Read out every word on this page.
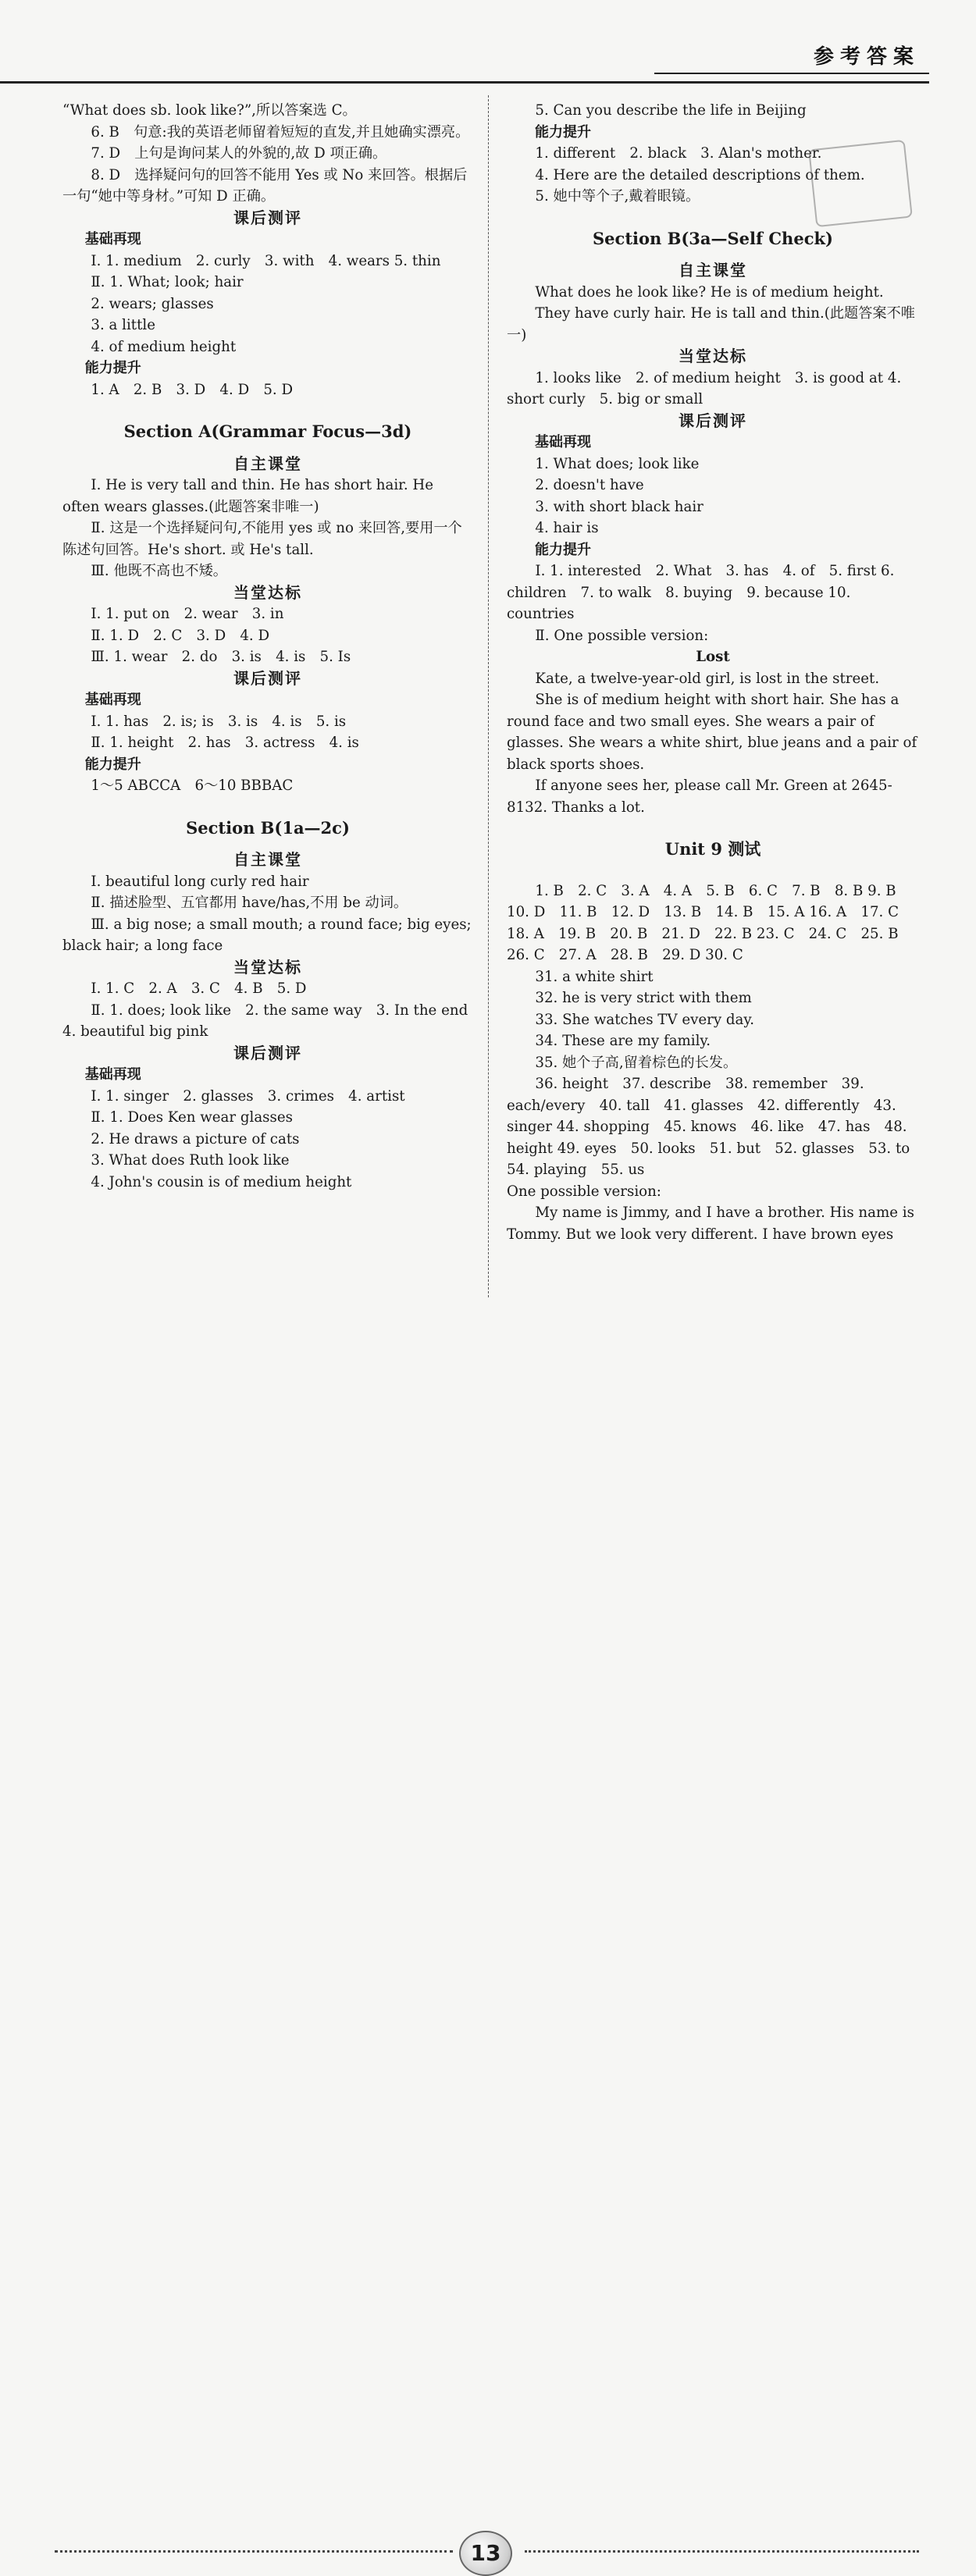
参考答案

“What does sb. look like?”,所以答案选 C。

6. B　句意:我的英语老师留着短短的直发,并且她确实漂亮。

7. D　上句是询问某人的外貌的,故 D 项正确。

8. D　选择疑问句的回答不能用 Yes 或 No 来回答。根据后一句“她中等身材。”可知 D 正确。

课后测评

基础再现

Ⅰ. 1. medium　2. curly　3. with　4. wears 5. thin

Ⅱ. 1. What; look; hair

2. wears; glasses

3. a little

4. of medium height

能力提升

1. A　2. B　3. D　4. D　5. D

Section A(Grammar Focus—3d)

自主课堂

Ⅰ. He is very tall and thin. He has short hair. He often wears glasses.(此题答案非唯一)

Ⅱ. 这是一个选择疑问句,不能用 yes 或 no 来回答,要用一个陈述句回答。He's short. 或 He's tall.

Ⅲ. 他既不高也不矮。

当堂达标

Ⅰ. 1. put on　2. wear　3. in

Ⅱ. 1. D　2. C　3. D　4. D

Ⅲ. 1. wear　2. do　3. is　4. is　5. Is

课后测评

基础再现

Ⅰ. 1. has　2. is; is　3. is　4. is　5. is

Ⅱ. 1. height　2. has　3. actress　4. is

能力提升

1～5 ABCCA　6～10 BBBAC

Section B(1a—2c)

自主课堂

Ⅰ. beautiful long curly red hair

Ⅱ. 描述脸型、五官都用 have/has,不用 be 动词。

Ⅲ. a big nose; a small mouth; a round face; big eyes; black hair; a long face

当堂达标

Ⅰ. 1. C　2. A　3. C　4. B　5. D

Ⅱ. 1. does; look like　2. the same way　3. In the end　4. beautiful big pink

课后测评

基础再现

Ⅰ. 1. singer　2. glasses　3. crimes　4. artist

Ⅱ. 1. Does Ken wear glasses

2. He draws a picture of cats

3. What does Ruth look like

4. John's cousin is of medium height

5. Can you describe the life in Beijing

能力提升

1. different　2. black　3. Alan's mother.

4. Here are the detailed descriptions of them.

5. 她中等个子,戴着眼镜。

Section B(3a—Self Check)

自主课堂

What does he look like? He is of medium height.

They have curly hair. He is tall and thin.(此题答案不唯一)

当堂达标

1. looks like　2. of medium height　3. is good at 4. short curly　5. big or small

课后测评

基础再现

1. What does; look like

2. doesn't have

3. with short black hair

4. hair is

能力提升

Ⅰ. 1. interested　2. What　3. has　4. of　5. first 6. children　7. to walk　8. buying　9. because 10. countries

Ⅱ. One possible version:

Lost

Kate, a twelve-year-old girl, is lost in the street.

She is of medium height with short hair. She has a round face and two small eyes. She wears a pair of glasses. She wears a white shirt, blue jeans and a pair of black sports shoes.

If anyone sees her, please call Mr. Green at 2645-8132. Thanks a lot.

Unit 9 测试

1. B　2. C　3. A　4. A　5. B　6. C　7. B　8. B 9. B　10. D　11. B　12. D　13. B　14. B　15. A 16. A　17. C　18. A　19. B　20. B　21. D　22. B 23. C　24. C　25. B　26. C　27. A　28. B　29. D 30. C

31. a white shirt

32. he is very strict with them

33. She watches TV every day.

34. These are my family.

35. 她个子高,留着棕色的长发。

36. height　37. describe　38. remember　39. each/every　40. tall　41. glasses　42. differently　43. singer 44. shopping　45. knows　46. like　47. has　48. height 49. eyes　50. looks　51. but　52. glasses　53. to 54. playing　55. us

One possible version:

My name is Jimmy, and I have a brother. His name is Tommy. But we look very different. I have brown eyes

13
